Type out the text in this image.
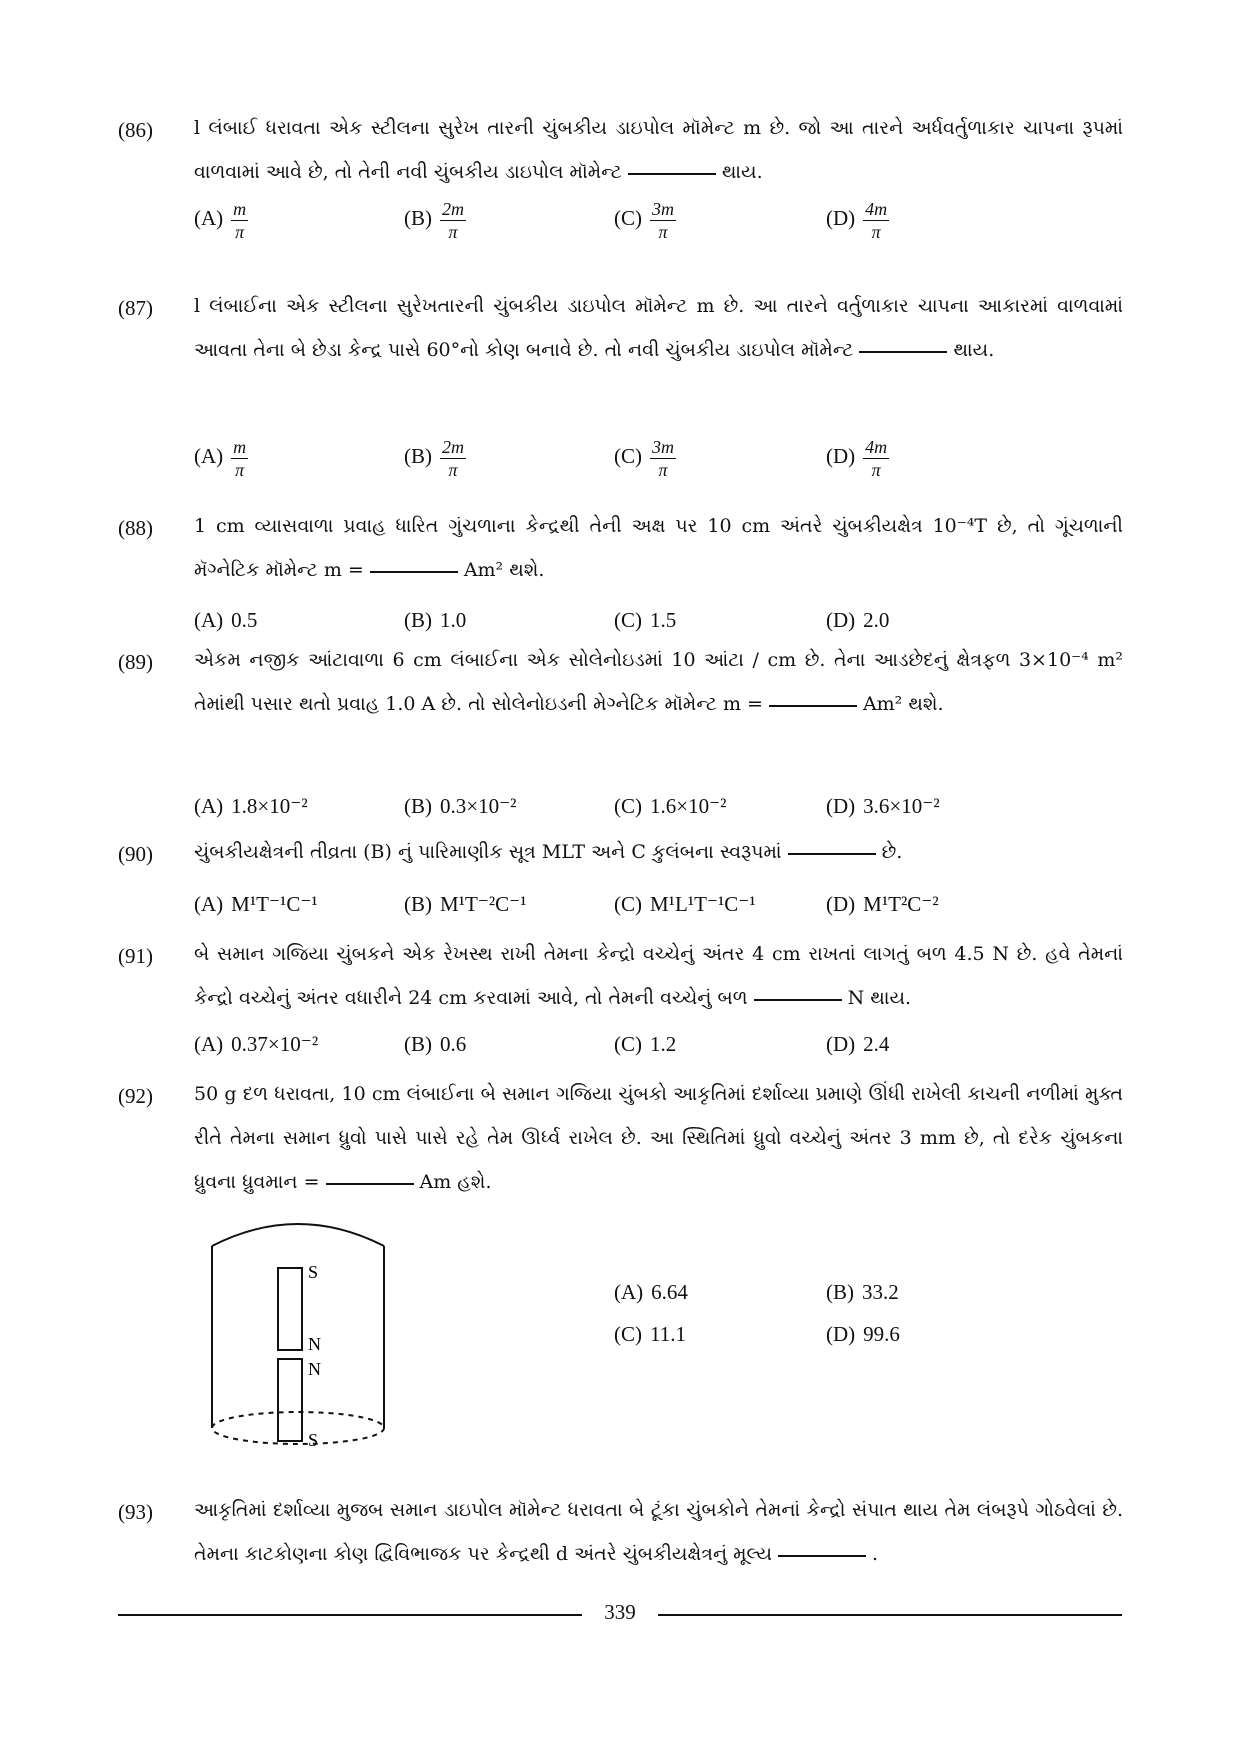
(86) l લંબાઈ ધરાવતા એક સ્ટીલના સુરેખ તારની ચુંબકીય ડાઇપોલ મૉમેન્ટ m છે. જો આ તારને અર્ધવર્તુળાકાર ચાપના રૂપમાં વાળવામાં આવે છે, તો તેની નવી ચુંબકીય ડાઇપોલ મૉમેન્ટ	થાય.
$(A) \frac{m}{\pi}$	$(B) \frac{2m}{\pi}$	$(C) \frac{3m}{\pi}$	$(D) \frac{4m}{\pi}$
(87) l લંબાઈના એક સ્ટીલના સુરેખતારની ચુંબકીય ડાઇપોલ મૉમેન્ટ m છે. આ તારને વર્તુળાકાર ચાપના આકારમાં વાળવામાં આવતા તેના બે છેડા કેન્દ્ર પાસે 60°નો કોણ બનાવે છે. તો નવી ચુંબકીય ડાઇપોલ મૉમેન્ટ	થાય.
$(A) \frac{m}{\pi}$	$(B) \frac{2m}{\pi}$	$(C) \frac{3m}{\pi}$	$(D) \frac{4m}{\pi}$
(88) 1 cm વ્યાસવાળા પ્રવાહ ધારિત ગુંચળાના કેન્દ્રથી તેની અક્ષ પર 10 cm અંતરે ચુંબકીયક્ષેત્ર 10⁻⁴T છે, તો ગૂંચળાની મૅગ્નેટિક મૉમેન્ટ m =	Am² થશે.
(A) 0.5	(B) 1.0	(C) 1.5	(D) 2.0
(89) એકમ નજીક આંટાવાળા 6 cm લંબાઈના એક સોલેનોઇડમાં 10 આંટા / cm છે. તેના આડછેદનું ક્ષેત્રફળ 3×10⁻⁴ m² તેમાંથી પસાર થતો પ્રવાહ 1.0 A છે. તો સોલેનોઇડની મેગ્નેટિક મૉમેન્ટ m =	Am² થશે.
(A) 1.8×10⁻²	(B) 0.3×10⁻²	(C) 1.6×10⁻²	(D) 3.6×10⁻²
(90) ચુંબકીયક્ષેત્રની તીવ્રતા (B) નું પારિમાણીક સૂત્ર MLT અને C કુલંબના સ્વરૂપમાં	છે.
(A) M¹T⁻¹C⁻¹	(B) M¹T⁻²C⁻¹	(C) M¹L¹T⁻¹C⁻¹	(D) M¹T²C⁻²
(91) બે સમાન ગજિયા ચુંબકને એક રેખસ્થ રાખી તેમના કેન્દ્રો વચ્ચેનું અંતર 4 cm રાખતાં લાગતું બળ 4.5 N છે. હવે તેમનાં કેન્દ્રો વચ્ચેનું અંતર વધારીને 24 cm કરવામાં આવે, તો તેમની વચ્ચેનું બળ	N થાય.
(A) 0.37×10⁻²	(B) 0.6	(C) 1.2	(D) 2.4
(92) 50 g દળ ધરાવતા, 10 cm લંબાઈના બે સમાન ગજિયા ચુંબકો આકૃતિમાં દર્શાવ્યા પ્રમાણે ઊંધી રાખેલી કાચની નળીમાં મુક્ત રીતે તેમના સમાન ધ્રુવો પાસે પાસે રહે તેમ ઊર્ધ્વ રાખેલ છે. આ સ્થિતિમાં ધ્રુવો વચ્ચેનું અંતર 3 mm છે, તો દરેક ચુંબકના ધ્રુવના ધ્રુવમાન =	Am હશે.
S
N
N
S
(A) 6.64	(B) 33.2
(C) 11.1	(D) 99.6
(93) આકૃતિમાં દર્શાવ્યા મુજબ સમાન ડાઇપોલ મૉમેન્ટ ધરાવતા બે ટૂંકા ચુંબકોને તેમનાં કેન્દ્રો સંપાત થાય તેમ લંબરૂપે ગોઠવેલાં છે. તેમના કાટકોણના કોણ દ્વિવિભાજક પર કેન્દ્રથી d અંતરે ચુંબકીયક્ષેત્રનું મૂલ્ય	.
339
